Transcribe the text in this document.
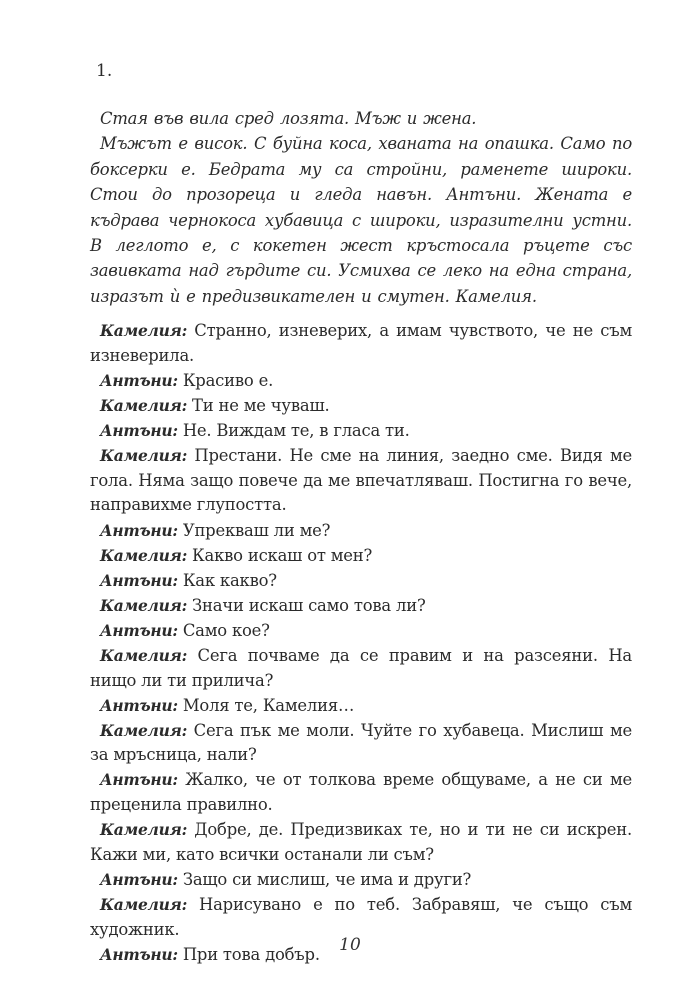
1.

Стая във вила сред лозята. Мъж и жена.

Мъжът е висок. С буйна коса, хваната на опашка. Само по боксерки е. Бедрата му са стройни, раменете широки. Стои до прозореца и гледа навън. Антъни. Жената е къдрава чернокоса хубавица с широки, изразителни устни. В леглото е, с кокетен жест кръстосала ръцете със завивката над гърдите си. Усмихва се леко на една страна, изразът ѝ е предизвикателен и смутен. Камелия.

Камелия: Странно, изневерих, а имам чувството, че не съм изневерила.

Антъни: Красиво е.

Камелия: Ти не ме чуваш.

Антъни: Не. Виждам те, в гласа ти.

Камелия: Престани. Не сме на линия, заедно сме. Видя ме гола. Няма защо повече да ме впечатляваш. Постигна го вече, направихме глупостта.

Антъни: Упрекваш ли ме?

Камелия: Какво искаш от мен?

Антъни: Как какво?

Камелия: Значи искаш само това ли?

Антъни: Само кое?

Камелия: Сега почваме да се правим и на разсеяни. На нищо ли ти прилича?

Антъни: Моля те, Камелия…

Камелия: Сега пък ме моли. Чуйте го хубавеца. Мислиш ме за мръсница, нали?

Антъни: Жалко, че от толкова време общуваме, а не си ме преценила правилно.

Камелия: Добре, де. Предизвиках те, но и ти не си искрен. Кажи ми, като всички останали ли съм?

Антъни: Защо си мислиш, че има и други?

Камелия: Нарисувано е по теб. Забравяш, че също съм художник.

Антъни: При това добър.	10
